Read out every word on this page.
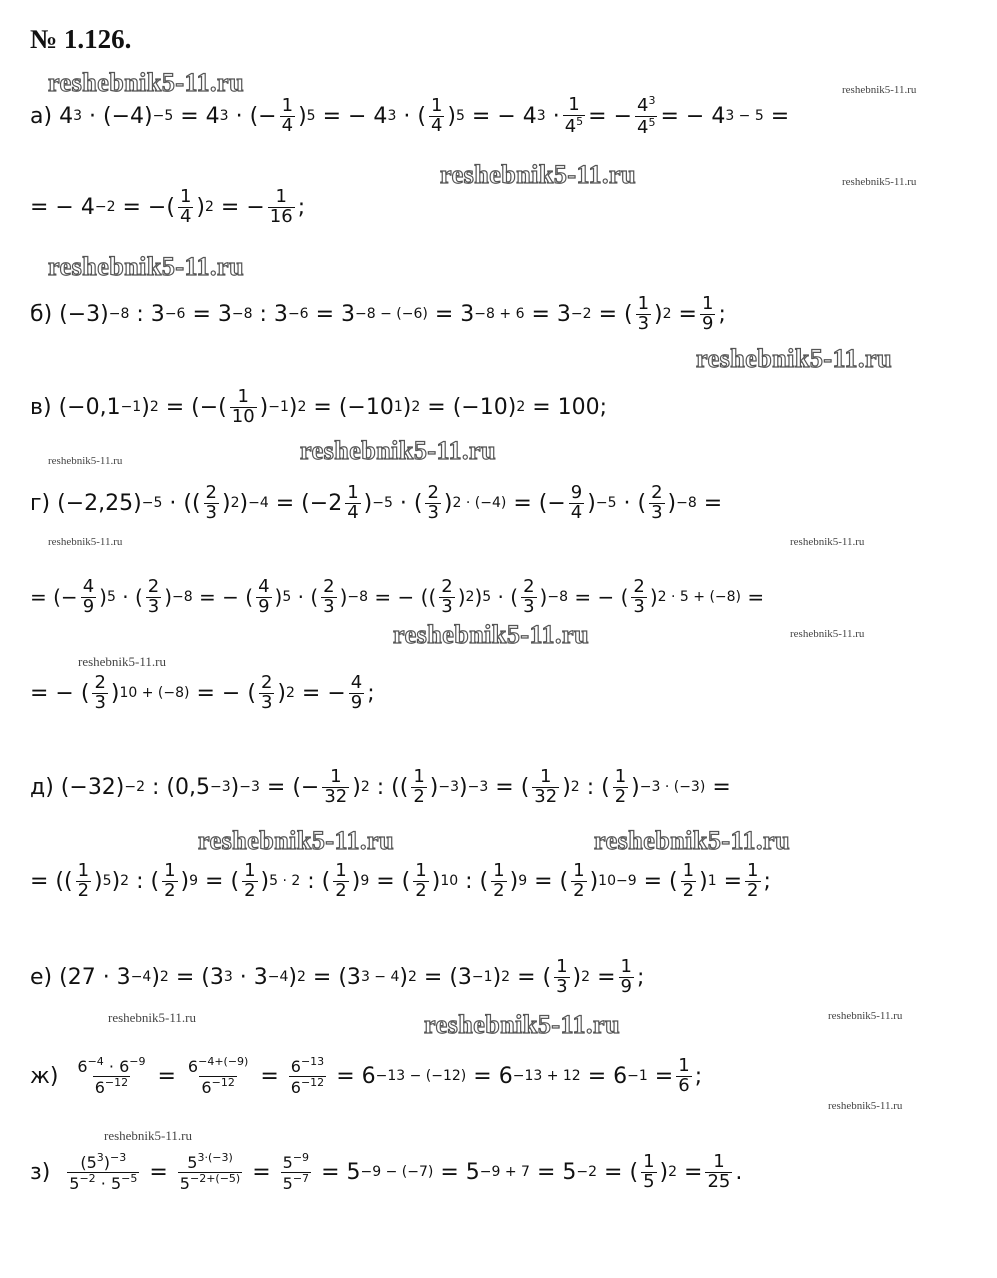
№ 1.126.
reshebnik5-11.ru	reshebnik5-11.ru
reshebnik5-11.ru	reshebnik5-11.ru
reshebnik5-11.ru
reshebnik5-11.ru
reshebnik5-11.ru
reshebnik5-11.ru
reshebnik5-11.ru	reshebnik5-11.ru
reshebnik5-11.ru	reshebnik5-11.ru
reshebnik5-11.ru
reshebnik5-11.ru	reshebnik5-11.ru
reshebnik5-11.ru	reshebnik5-11.ru	reshebnik5-11.ru
reshebnik5-11.ru
reshebnik5-11.ru
а)
4 3
· (−4) −5
= 4 3
· (− $\frac{1}{4}$ ) 5
= − 4 3
· ( $\frac{1}{4}$ ) 5
= − 4 3
· $\frac{1}{4^5}$ = − $\frac{4^3}{4^5}$ = − 4 3 − 5
=
= − 4 −2
= −( $\frac{1}{4}$ ) 2
= − $\frac{1}{16}$ ;
б)
(−3) −8
: 3 −6
= 3 −8
: 3 −6
= 3 −8 − (−6)
= 3 −8 + 6
= 3 −2
= ( $\frac{1}{3}$ ) 2
= $\frac{1}{9}$ ;
в)
(−0,1 −1 ) 2
= (−( $\frac{1}{10}$ ) −1 ) 2
= (−10 1 ) 2
= (−10) 2
= 100;
г)
(−2,25) −5
· (( $\frac{2}{3}$ ) 2 ) −4
= ($-2 \frac{1}{4}$ ) −5
· ( $\frac{2}{3}$ ) 2 · (−4)
= (− $\frac{9}{4}$ ) −5
· ( $\frac{2}{3}$ ) −8
=
= (− $\frac{4}{9}$ ) 5
· ( $\frac{2}{3}$ ) −8
= − ( $\frac{4}{9}$ ) 5
· ( $\frac{2}{3}$ ) −8
= − (( $\frac{2}{3}$ ) 2 ) 5
· ( $\frac{2}{3}$ ) −8
= − ( $\frac{2}{3}$ ) 2 · 5 + (−8)
=
= − ( $\frac{2}{3}$ ) 10 + (−8)
= − ( $\frac{2}{3}$ ) 2
= − $\frac{4}{9}$ ;
д)
(−32) −2
: (0,5 −3 ) −3
= (− $\frac{1}{32}$ ) 2
: (( $\frac{1}{2}$ ) −3 ) −3
= ( $\frac{1}{32}$ ) 2
: ( $\frac{1}{2}$ ) −3 · (−3)
=
= (( $\frac{1}{2}$ ) 5 ) 2
: ( $\frac{1}{2}$ ) 9
= ( $\frac{1}{2}$ ) 5 · 2
: ( $\frac{1}{2}$ ) 9
= ( $\frac{1}{2}$ ) 10
: ( $\frac{1}{2}$ ) 9
= ( $\frac{1}{2}$ ) 10−9
= ( $\frac{1}{2}$ ) 1
= $\frac{1}{2}$ ;
е)
(27 · 3 −4 ) 2
= (3 3
· 3 −4 ) 2
= (3 3 − 4 ) 2
= (3 −1 ) 2
= ( $\frac{1}{3}$ ) 2
= $\frac{1}{9}$ ;
ж)
$\frac{6^{-4} \cdot 6^{-9}}{6^{-12}}$
=
$\frac{6^{-4+(-9)}}{6^{-12}}$
=
$\frac{6^{-13}}{6^{-12}}$
= 6 −13 − (−12)
= 6 −13 + 12
= 6 −1
= $\frac{1}{6}$ ;
з)
$\frac{(5^3)^{-3}}{5^{-2} \cdot 5^{-5}}$
=
$\frac{5^{3\cdot(-3)}}{5^{-2+(-5)}}$
=
$\frac{5^{-9}}{5^{-7}}$
= 5 −9 − (−7)
= 5 −9 + 7
= 5 −2
= ( $\frac{1}{5}$ ) 2
= $\frac{1}{25}$ .
